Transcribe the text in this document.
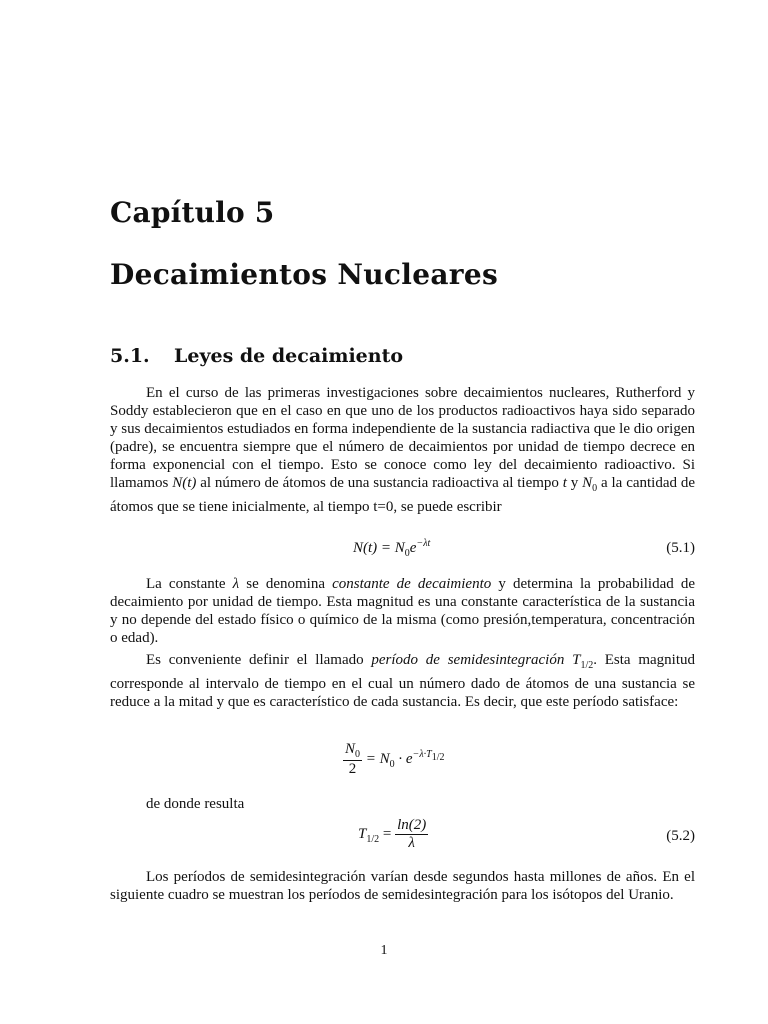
Capítulo 5
Decaimientos Nucleares
5.1. Leyes de decaimiento
En el curso de las primeras investigaciones sobre decaimientos nucleares, Rutherford y Soddy establecieron que en el caso en que uno de los productos radioactivos haya sido separado y sus decaimientos estudiados en forma independiente de la sustancia radiactiva que le dio origen (padre), se encuentra siempre que el número de decaimientos por unidad de tiempo decrece en forma exponencial con el tiempo. Esto se conoce como ley del decaimiento radioactivo. Si llamamos N(t) al número de átomos de una sustancia radioactiva al tiempo t y $N_0$ a la cantidad de átomos que se tiene inicialmente, al tiempo t=0, se puede escribir
$N(t) = N_0e^{-\lambda t}$	(5.1)
La constante λ se denomina constante de decaimiento y determina la probabilidad de decaimiento por unidad de tiempo. Esta magnitud es una constante característica de la sustancia y no depende del estado físico o químico de la misma (como presión,temperatura, concentración o edad).
Es conveniente definir el llamado período de semidesintegración $T_{1/2}$. Esta magnitud corresponde al intervalo de tiempo en el cual un número dado de átomos de una sustancia se reduce a la mitad y que es característico de cada sustancia. Es decir, que este período satisface:
$\frac{N_0}{2} = N_0 \cdot e^{-\lambda\cdot T_{1/2}}$
de donde resulta
$T_{1/2} = \frac{\ln(2)}{\lambda}$	(5.2)
Los períodos de semidesintegración varían desde segundos hasta millones de años. En el siguiente cuadro se muestran los períodos de semidesintegración para los isótopos del Uranio.
1
